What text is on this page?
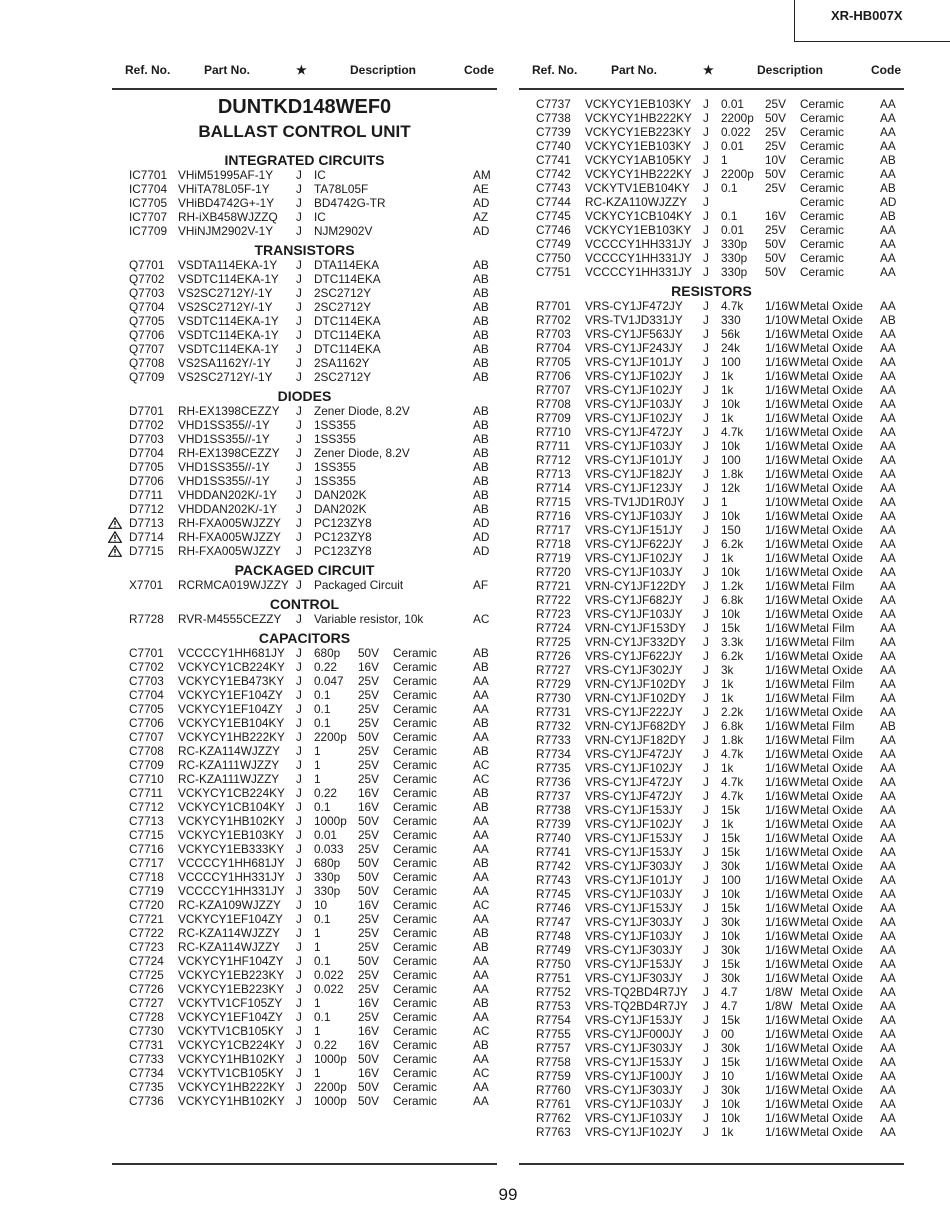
XR-HB007X
Ref. No.	Part No.	★	Description	Code	Ref. No.	Part No.	★	Description	Code
DUNTKD148WEF0
BALLAST CONTROL UNIT
INTEGRATED CIRCUITS
IC7701 VHiM51995AF-1Y J IC	AM
IC7704 VHiTA78L05F-1Y J TA78L05F	AE
IC7705 VHiBD4742G+-1Y J BD4742G-TR	AD
IC7707 RH-iXB458WJZZQ J IC	AZ
IC7709 VHiNJM2902V-1Y J NJM2902V	AD
TRANSISTORS
Q7701 VSDTA114EKA-1Y J DTA114EKA	AB
Q7702 VSDTC114EKA-1Y J DTC114EKA	AB
Q7703 VS2SC2712Y/-1Y J 2SC2712Y	AB
Q7704 VS2SC2712Y/-1Y J 2SC2712Y	AB
Q7705 VSDTC114EKA-1Y J DTC114EKA	AB
Q7706 VSDTC114EKA-1Y J DTC114EKA	AB
Q7707 VSDTC114EKA-1Y J DTC114EKA	AB
Q7708 VS2SA1162Y/-1Y J 2SA1162Y	AB
Q7709 VS2SC2712Y/-1Y J 2SC2712Y	AB
DIODES
D7701 RH-EX1398CEZZY J Zener Diode, 8.2V	AB
D7702 VHD1SS355//-1Y J 1SS355	AB
D7703 VHD1SS355//-1Y J 1SS355	AB
D7704 RH-EX1398CEZZY J Zener Diode, 8.2V	AB
D7705 VHD1SS355//-1Y J 1SS355	AB
D7706 VHD1SS355//-1Y J 1SS355	AB
D7711 VHDDAN202K/-1Y J DAN202K	AB
D7712 VHDDAN202K/-1Y J DAN202K	AB
D7713 RH-FXA005WJZZY J PC123ZY8	AD
D7714 RH-FXA005WJZZY J PC123ZY8	AD
D7715 RH-FXA005WJZZY J PC123ZY8	AD
PACKAGED CIRCUIT
X7701 RCRMCA019WJZZY J Packaged Circuit	AF
CONTROL
R7728 RVR-M4555CEZZY J Variable resistor, 10k	AC
CAPACITORS
C7701 VCCCCY1HH681JY J 680p 50V Ceramic	AB
C7702 VCKYCY1CB224KY J 0.22 16V Ceramic	AB
C7703 VCKYCY1EB473KY J 0.047 25V Ceramic	AA
C7704 VCKYCY1EF104ZY J 0.1 25V Ceramic	AA
C7705 VCKYCY1EF104ZY J 0.1 25V Ceramic	AA
C7706 VCKYCY1EB104KY J 0.1 25V Ceramic	AB
C7707 VCKYCY1HB222KY J 2200p 50V Ceramic	AA
C7708 RC-KZA114WJZZY J 1	25V Ceramic	AB
C7709 RC-KZA111WJZZY J 1	25V Ceramic	AC
C7710 RC-KZA111WJZZY J 1	25V Ceramic	AC
C7711 VCKYCY1CB224KY J 0.22 16V Ceramic	AB
C7712 VCKYCY1CB104KY J 0.1 16V Ceramic	AB
C7713 VCKYCY1HB102KY J 1000p 50V Ceramic	AA
C7715 VCKYCY1EB103KY J 0.01 25V Ceramic	AA
C7716 VCKYCY1EB333KY J 0.033 25V Ceramic	AA
C7717 VCCCCY1HH681JY J 680p 50V Ceramic	AB
C7718 VCCCCY1HH331JY J 330p 50V Ceramic	AA
C7719 VCCCCY1HH331JY J 330p 50V Ceramic	AA
C7720 RC-KZA109WJZZY J 10	16V Ceramic	AC
C7721 VCKYCY1EF104ZY J 0.1 25V Ceramic	AA
C7722 RC-KZA114WJZZY J 1	25V Ceramic	AB
C7723 RC-KZA114WJZZY J 1	25V Ceramic	AB
C7724 VCKYCY1HF104ZY J 0.1 50V Ceramic	AA
C7725 VCKYCY1EB223KY J 0.022 25V Ceramic	AA
C7726 VCKYCY1EB223KY J 0.022 25V Ceramic	AA
C7727 VCKYTV1CF105ZY J 1	16V Ceramic	AB
C7728 VCKYCY1EF104ZY J 0.1 25V Ceramic	AA
C7730 VCKYTV1CB105KY J 1	16V Ceramic	AC
C7731 VCKYCY1CB224KY J 0.22 16V Ceramic	AB
C7733 VCKYCY1HB102KY J 1000p 50V Ceramic	AA
C7734 VCKYTV1CB105KY J 1	16V Ceramic	AC
C7735 VCKYCY1HB222KY J 2200p 50V Ceramic	AA
C7736 VCKYCY1HB102KY J 1000p 50V Ceramic	AA
C7737 VCKYCY1EB103KY J 0.01 25V Ceramic	AA
C7738 VCKYCY1HB222KY J 2200p 50V Ceramic	AA
C7739 VCKYCY1EB223KY J 0.022 25V Ceramic	AA
C7740 VCKYCY1EB103KY J 0.01 25V Ceramic	AA
C7741 VCKYCY1AB105KY J 1	10V Ceramic	AB
C7742 VCKYCY1HB222KY J 2200p 50V Ceramic	AA
C7743 VCKYTV1EB104KY J 0.1 25V Ceramic	AB
C7744 RC-KZA110WJZZY J	Ceramic	AD
C7745 VCKYCY1CB104KY J 0.1 16V Ceramic	AB
C7746 VCKYCY1EB103KY J 0.01 25V Ceramic	AA
C7749 VCCCCY1HH331JY J 330p 50V Ceramic	AA
C7750 VCCCCY1HH331JY J 330p 50V Ceramic	AA
C7751 VCCCCY1HH331JY J 330p 50V Ceramic	AA
RESISTORS
R7701 VRS-CY1JF472JY J 4.7k 1/16W Metal Oxide AA
R7702 VRS-TV1JD331JY J 330 1/10W Metal Oxide AB
R7703 VRS-CY1JF563JY J 56k 1/16W Metal Oxide AA
R7704 VRS-CY1JF243JY J 24k 1/16W Metal Oxide AA
R7705 VRS-CY1JF101JY J 100 1/16W Metal Oxide AA
R7706 VRS-CY1JF102JY J 1k	1/16W Metal Oxide AA
R7707 VRS-CY1JF102JY J 1k	1/16W Metal Oxide AA
R7708 VRS-CY1JF103JY J 10k 1/16W Metal Oxide AA
R7709 VRS-CY1JF102JY J 1k	1/16W Metal Oxide AA
R7710 VRS-CY1JF472JY J 4.7k 1/16W Metal Oxide AA
R7711 VRS-CY1JF103JY J 10k 1/16W Metal Oxide AA
R7712 VRS-CY1JF101JY J 100 1/16W Metal Oxide AA
R7713 VRS-CY1JF182JY J 1.8k 1/16W Metal Oxide AA
R7714 VRS-CY1JF123JY J 12k 1/16W Metal Oxide AA
R7715 VRS-TV1JD1R0JY J 1	1/10W Metal Oxide AA
R7716 VRS-CY1JF103JY J 10k 1/16W Metal Oxide AA
R7717 VRS-CY1JF151JY J 150 1/16W Metal Oxide AA
R7718 VRS-CY1JF622JY J 6.2k 1/16W Metal Oxide AA
R7719 VRS-CY1JF102JY J 1k	1/16W Metal Oxide AA
R7720 VRS-CY1JF103JY J 10k 1/16W Metal Oxide AA
R7721 VRN-CY1JF122DY J 1.2k 1/16W Metal Film AA
R7722 VRS-CY1JF682JY J 6.8k 1/16W Metal Oxide AA
R7723 VRS-CY1JF103JY J 10k 1/16W Metal Oxide AA
R7724 VRN-CY1JF153DY J 15k 1/16W Metal Film AA
R7725 VRN-CY1JF332DY J 3.3k 1/16W Metal Film AA
R7726 VRS-CY1JF622JY J 6.2k 1/16W Metal Oxide AA
R7727 VRS-CY1JF302JY J 3k	1/16W Metal Oxide AA
R7729 VRN-CY1JF102DY J 1k	1/16W Metal Film AA
R7730 VRN-CY1JF102DY J 1k	1/16W Metal Film AA
R7731 VRS-CY1JF222JY J 2.2k 1/16W Metal Oxide AA
R7732 VRN-CY1JF682DY J 6.8k 1/16W Metal Film AB
R7733 VRN-CY1JF182DY J 1.8k 1/16W Metal Film AA
R7734 VRS-CY1JF472JY J 4.7k 1/16W Metal Oxide AA
R7735 VRS-CY1JF102JY J 1k	1/16W Metal Oxide AA
R7736 VRS-CY1JF472JY J 4.7k 1/16W Metal Oxide AA
R7737 VRS-CY1JF472JY J 4.7k 1/16W Metal Oxide AA
R7738 VRS-CY1JF153JY J 15k 1/16W Metal Oxide AA
R7739 VRS-CY1JF102JY J 1k	1/16W Metal Oxide AA
R7740 VRS-CY1JF153JY J 15k 1/16W Metal Oxide AA
R7741 VRS-CY1JF153JY J 15k 1/16W Metal Oxide AA
R7742 VRS-CY1JF303JY J 30k 1/16W Metal Oxide AA
R7743 VRS-CY1JF101JY J 100 1/16W Metal Oxide AA
R7745 VRS-CY1JF103JY J 10k 1/16W Metal Oxide AA
R7746 VRS-CY1JF153JY J 15k 1/16W Metal Oxide AA
R7747 VRS-CY1JF303JY J 30k 1/16W Metal Oxide AA
R7748 VRS-CY1JF103JY J 10k 1/16W Metal Oxide AA
R7749 VRS-CY1JF303JY J 30k 1/16W Metal Oxide AA
R7750 VRS-CY1JF153JY J 15k 1/16W Metal Oxide AA
R7751 VRS-CY1JF303JY J 30k 1/16W Metal Oxide AA
R7752 VRS-TQ2BD4R7JY J 4.7 1/8W Metal Oxide AA
R7753 VRS-TQ2BD4R7JY J 4.7 1/8W Metal Oxide AA
R7754 VRS-CY1JF153JY J 15k 1/16W Metal Oxide AA
R7755 VRS-CY1JF000JY J 00	1/16W Metal Oxide AA
R7757 VRS-CY1JF303JY J 30k 1/16W Metal Oxide AA
R7758 VRS-CY1JF153JY J 15k 1/16W Metal Oxide AA
R7759 VRS-CY1JF100JY J 10	1/16W Metal Oxide AA
R7760 VRS-CY1JF303JY J 30k 1/16W Metal Oxide AA
R7761 VRS-CY1JF103JY J 10k 1/16W Metal Oxide AA
R7762 VRS-CY1JF103JY J 10k 1/16W Metal Oxide AA
R7763 VRS-CY1JF102JY J 1k	1/16W Metal Oxide AA
99
